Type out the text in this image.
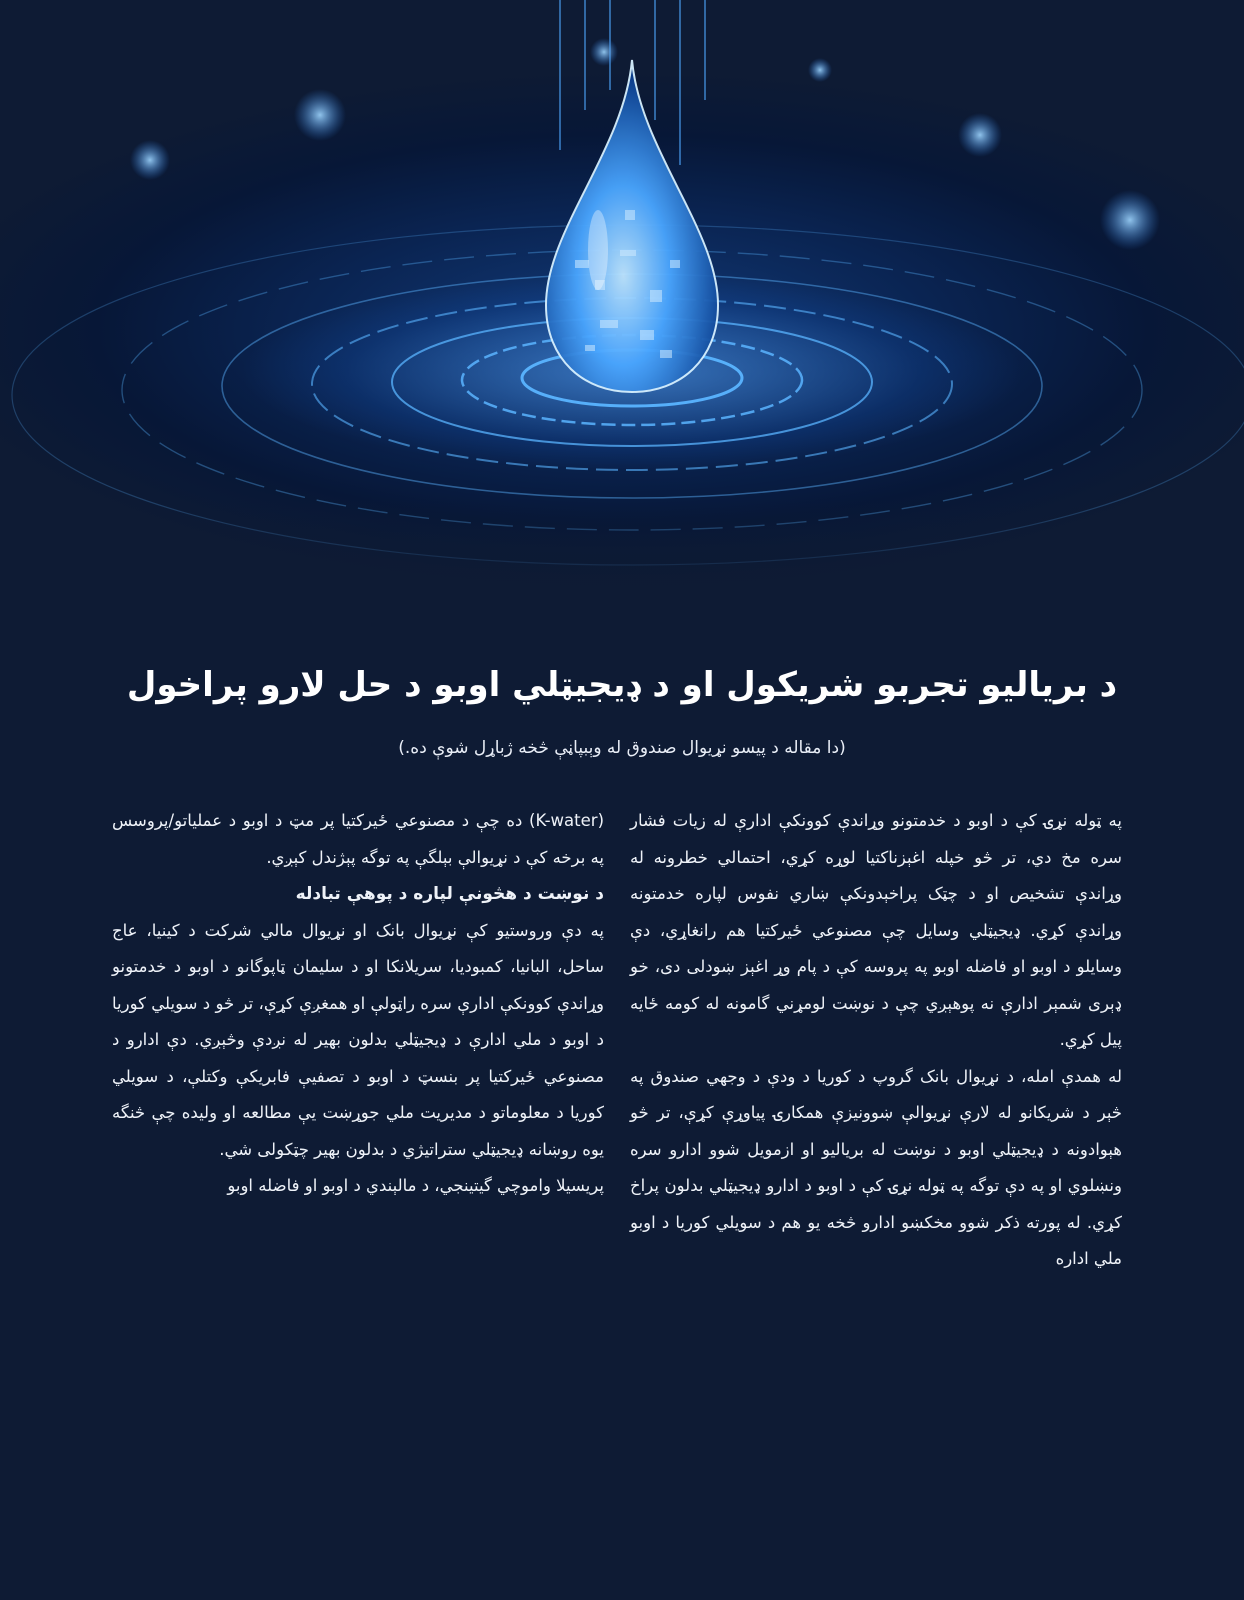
د بریالیو تجربو شریکول او د ډیجیټلي اوبو د حل لارو پراخول
(دا مقاله د پیسو نړیوال صندوق له وېبپاڼې څخه ژباړل شوې ده.)

په ټوله نړۍ کې د اوبو د خدمتونو وړاندې کوونکې ادارې له زیات فشار سره مخ دي، تر څو خپله اغېزناکتیا لوړه کړي، احتمالي خطرونه له وړاندې تشخیص او د چټک پراخېدونکې ښاري نفوس لپاره خدمتونه وړاندې کړي. ډیجیټلي وسایل چې مصنوعي ځیرکتیا هم رانغاړي، دې وسایلو د اوبو او فاضله اوبو په پروسه کې د پام وړ اغېز ښودلی دی، خو ډېری شمېر ادارې نه پوهېږي چې د نوښت لومړني گامونه له کومه ځایه پیل کړي.

له همدې امله، د نړیوال بانک گروپ د کوریا د ودې د وجهي صندوق په څېر د شریکانو له لارې نړیوالې ښوونیزې همکارۍ پیاوړې کړې، تر څو هېوادونه د ډیجیټلي اوبو د نوښت له بریالیو او ازمویل شوو ادارو سره ونښلوي او په دې توگه په ټوله نړۍ کې د اوبو د ادارو ډیجیټلي بدلون پراخ کړي. له پورته ذکر شوو مخکښو ادارو څخه یو هم د سویلي کوریا د اوبو ملي اداره

(K-water) ده چې د مصنوعي ځیرکتیا پر مټ د اوبو د عملیاتو/پروسس په برخه کې د نړیوالې بېلگې په توگه پېژندل کېږي.

د نوښت د هڅونې لپاره د پوهې تبادله

په دې وروستیو کې نړیوال بانک او نړیوال مالي شرکت د کینیا، عاج ساحل، البانیا، کمبودیا، سریلانکا او د سلیمان ټاپوگانو د اوبو د خدمتونو وړاندې کوونکې ادارې سره راټولې او همغږې کړې، تر څو د سویلي کوریا د اوبو د ملي ادارې د ډیجیټلي بدلون بهیر له نږدې وڅېږي. دې ادارو د مصنوعي ځیرکتیا پر بنسټ د اوبو د تصفیې فابریکې وکتلې، د سویلي کوریا د معلوماتو د مدیریت ملي جوړښت یې مطالعه او ولیده چې څنگه یوه روښانه ډیجیټلي ستراتیژي د بدلون بهیر چټکولی شي.

پریسیلا واموچي گیتینجي، د مالېندي د اوبو او فاضله اوبو
